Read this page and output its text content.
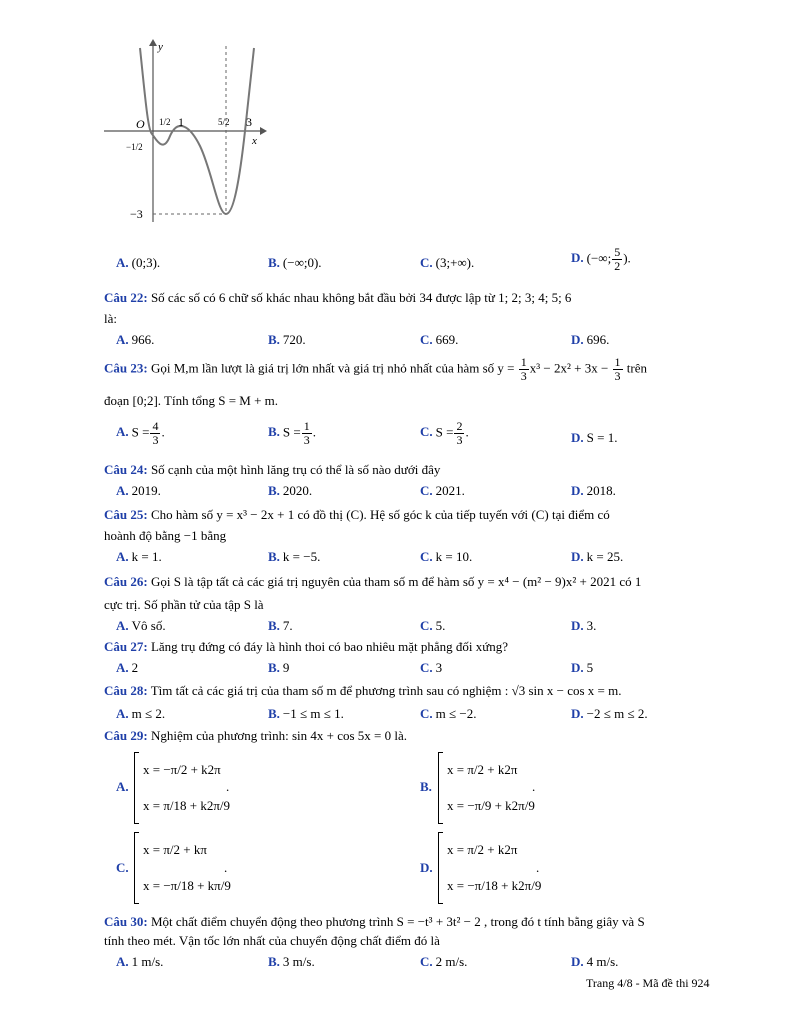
O
y
x
1/2 1	5/2 3
−1/2
−3
A. (0;3).	B. (−∞;0).	C. (3;+∞).	D. (−∞; $\frac{5}{2}$ ).
Câu 22: Số các số có 6 chữ số khác nhau không bắt đầu bởi 34 được lập từ 1; 2; 3; 4; 5; 6
là:
A. 966.	B. 720.	C. 669.	D. 696.
Câu 23: Gọi M,m lần lượt là giá trị lớn nhất và giá trị nhỏ nhất của hàm số $y = \frac{1}{3} x^3 - 2x^2 + 3x - \frac{1}{3}$ trên
đoạn [0;2]. Tính tổng S = M + m.
A. $S = \frac{4}{3}$ .	B. $S = \frac{1}{3}$ .	C. $S = \frac{2}{3}$ .	D. S = 1.
Câu 24: Số cạnh của một hình lăng trụ có thể là số nào dưới đây
A. 2019.	B. 2020.	C. 2021.	D. 2018.
Câu 25: Cho hàm số y = x³ − 2x + 1 có đồ thị (C). Hệ số góc k của tiếp tuyến với (C) tại điểm có
hoành độ bằng −1 bằng
A. k = 1.	B. k = −5.	C. k = 10.	D. k = 25.
Câu 26: Gọi S là tập tất cả các giá trị nguyên của tham số m để hàm số y = x⁴ − (m² − 9)x² + 2021 có 1
cực trị. Số phần tử của tập S là
A. Vô số.	B. 7.	C. 5.	D. 3.
Câu 27: Lăng trụ đứng có đáy là hình thoi có bao nhiêu mặt phẳng đối xứng?
A. 2	B. 9	C. 3	D. 5
Câu 28: Tìm tất cả các giá trị của tham số m để phương trình sau có nghiệm : √3 sin x − cos x = m.
A. m ≤ 2.	B. −1 ≤ m ≤ 1.	C. m ≤ −2.	D. −2 ≤ m ≤ 2.
Câu 29: Nghiệm của phương trình: sin 4x + cos 5x = 0 là.
A.
x = −π/2 + k2π
x = π/18 + k2π/9
.	B.
x = π/2 + k2π
x = −π/9 + k2π/9
.
C.
x = π/2 + kπ
x = −π/18 + kπ/9
.	D.
x = π/2 + k2π
x = −π/18 + k2π/9
.
Câu 30: Một chất điểm chuyển động theo phương trình S = −t³ + 3t² − 2 , trong đó t tính bằng giây và S
tính theo mét. Vận tốc lớn nhất của chuyển động chất điểm đó là
A. 1 m/s.	B. 3 m/s.	C. 2 m/s.	D. 4 m/s.
Trang 4/8 - Mã đề thi 924
